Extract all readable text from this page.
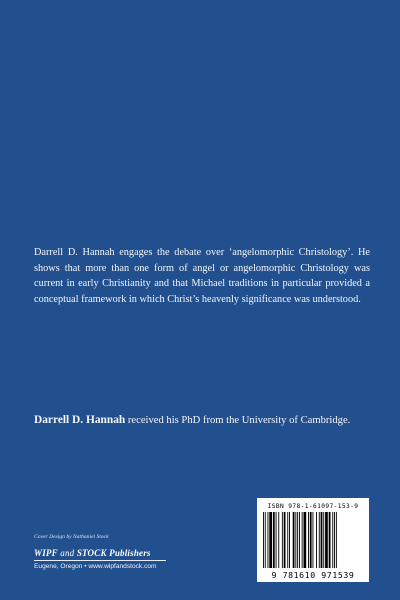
Darrell D. Hannah engages the debate over ‘angelomorphic Christology’. He shows that more than one form of angel or angelomorphic Christology was current in early Christianity and that Michael traditions in particular provided a conceptual framework in which Christ’s heavenly significance was understood.

Darrell D. Hannah received his PhD from the University of Cambridge.
Cover Design by Nathaniel Stock
WIPF and STOCK Publishers
Eugene, Oregon • www.wipfandstock.com
ISBN 978-1-61097-153-9
9 781610 971539
